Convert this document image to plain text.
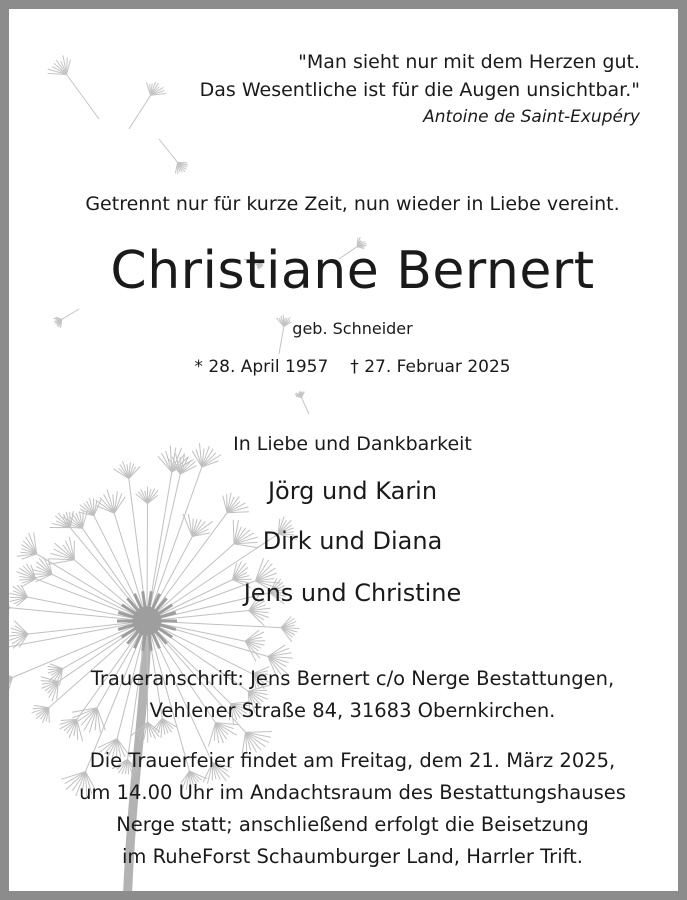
"Man sieht nur mit dem Herzen gut.
Das Wesentliche ist für die Augen unsichtbar."
Antoine de Saint-Exupéry
Getrennt nur für kurze Zeit, nun wieder in Liebe vereint.
Christiane Bernert
geb. Schneider
* 28. April 1957 † 27. Februar 2025
In Liebe und Dankbarkeit
Jörg und Karin
Dirk und Diana
Jens und Christine
Traueranschrift: Jens Bernert c/o Nerge Bestattungen,
Vehlener Straße 84, 31683 Obernkirchen.
Die Trauerfeier findet am Freitag, dem 21. März 2025,
um 14.00 Uhr im Andachtsraum des Bestattungshauses
Nerge statt; anschließend erfolgt die Beisetzung
im RuheForst Schaumburger Land, Harrler Trift.
